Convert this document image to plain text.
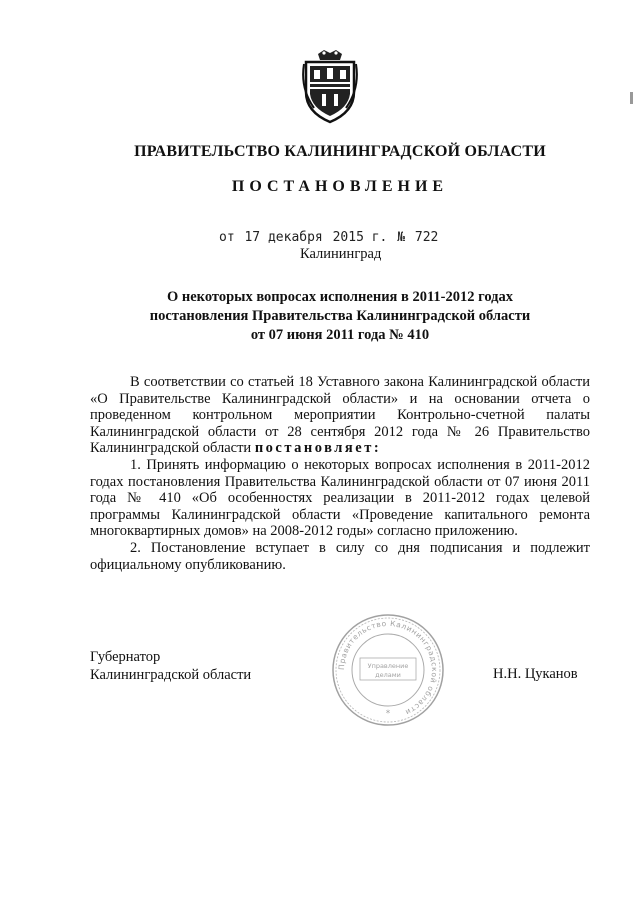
ПРАВИТЕЛЬСТВО КАЛИНИНГРАДСКОЙ ОБЛАСТИ
ПОСТАНОВЛЕНИЕ
от 17 декабря 2015 г. № 722
Калининград
О некоторых вопросах исполнения в 2011-2012 годах
постановления Правительства Калининградской области
от 07 июня 2011 года № 410

В соответствии со статьей 18 Уставного закона Калининградской области «О Правительстве Калининградской области» и на основании отчета о проведенном контрольном мероприятии Контрольно-счетной палаты Калининградской области от 28 сентября 2012 года № 26 Правительство Калининградской области постановляет:

1. Принять информацию о некоторых вопросах исполнения в 2011-2012 годах постановления Правительства Калининградской области от 07 июня 2011 года № 410 «Об особенностях реализации в 2011-2012 годах целевой программы Калининградской области «Проведение капитального ремонта многоквартирных домов» на 2008-2012 годы» согласно приложению.

2. Постановление вступает в силу со дня подписания и подлежит официальному опубликованию.

Губернатор
Калининградской области	Н.Н. Цуканов
Правительство Калининградской области
Управление
делами
*
